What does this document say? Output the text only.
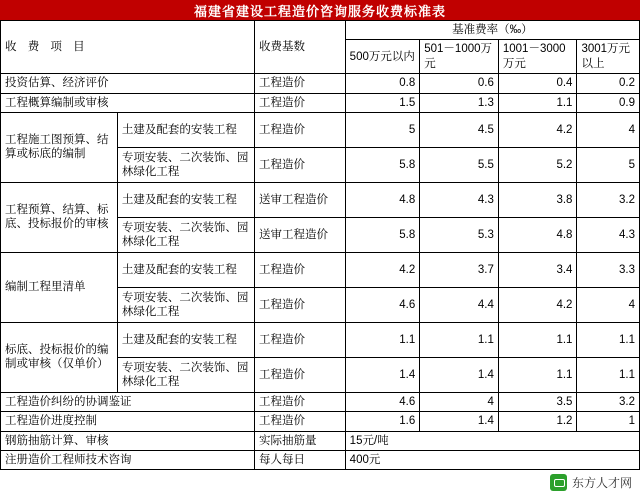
福建省建设工程造价咨询服务收费标准表
收 费 项 目		收费基数	基准费率（‰）			
			500万元以内	501－1000万元	1001－3000万元	3001万元以上
投资估算、经济评价		工程造价	0.8	0.6	0.4	0.2
工程概算编制或审核		工程造价	1.5	1.3	1.1	0.9
工程施工图预算、结算或标底的编制	土建及配套的安装工程	工程造价	5	4.5	4.2	4
	专项安装、二次装饰、园林绿化工程	工程造价	5.8	5.5	5.2	5
工程预算、结算、标底、投标报价的审核	土建及配套的安装工程	送审工程造价	4.8	4.3	3.8	3.2
	专项安装、二次装饰、园林绿化工程	送审工程造价	5.8	5.3	4.8	4.3
编制工程里清单	土建及配套的安装工程	工程造价	4.2	3.7	3.4	3.3
	专项安装、二次装饰、园林绿化工程	工程造价	4.6	4.4	4.2	4
标底、投标报价的编制或审核（仅单价）	土建及配套的安装工程	工程造价	1.1	1.1	1.1	1.1
	专项安装、二次装饰、园林绿化工程	工程造价	1.4	1.4	1.1	1.1
工程造价纠纷的协调鉴证		工程造价	4.6	4	3.5	3.2
工程造价进度控制		工程造价	1.6	1.4	1.2	1
钢筋抽筋计算、审核		实际抽筋量	15元/吨			
注册造价工程师技术咨询		每人每日	400元			
东方人才网
